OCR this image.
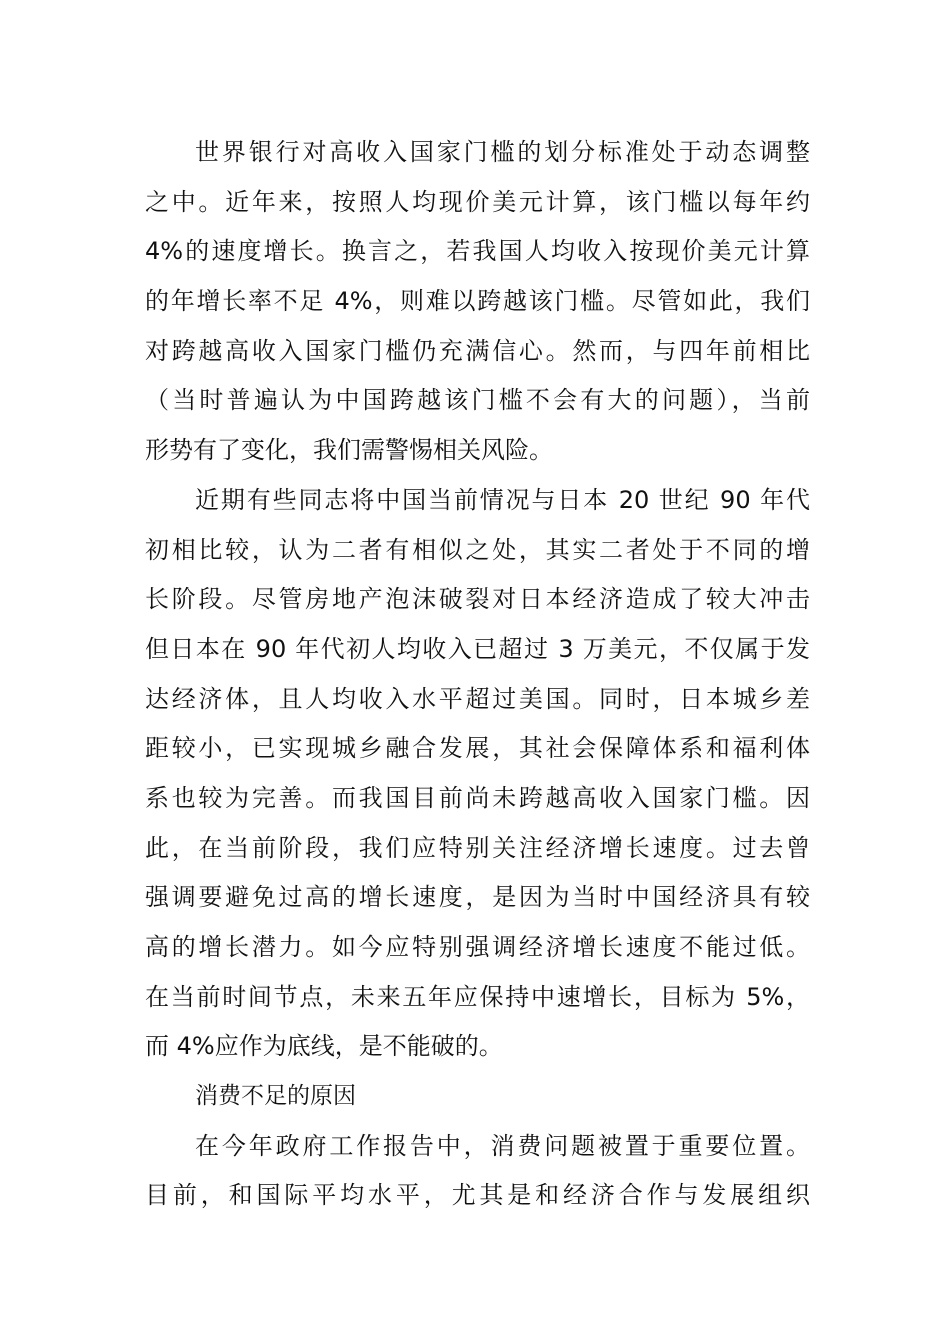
世界银行对高收入国家门槛的划分标准处于动态调整
之中。近年来，按照人均现价美元计算，该门槛以每年约
4%的速度增长。换言之，若我国人均收入按现价美元计算
的年增长率不足 4%，则难以跨越该门槛。尽管如此，我们
对跨越高收入国家门槛仍充满信心。然而，与四年前相比
（当时普遍认为中国跨越该门槛不会有大的问题），当前
形势有了变化，我们需警惕相关风险。
近期有些同志将中国当前情况与日本 20 世纪 90 年代
初相比较，认为二者有相似之处，其实二者处于不同的增
长阶段。尽管房地产泡沫破裂对日本经济造成了较大冲击
但日本在 90 年代初人均收入已超过 3 万美元，不仅属于发
达经济体，且人均收入水平超过美国。同时，日本城乡差
距较小，已实现城乡融合发展，其社会保障体系和福利体
系也较为完善。而我国目前尚未跨越高收入国家门槛。因
此，在当前阶段，我们应特别关注经济增长速度。过去曾
强调要避免过高的增长速度，是因为当时中国经济具有较
高的增长潜力。如今应特别强调经济增长速度不能过低。
在当前时间节点，未来五年应保持中速增长，目标为 5%，
而 4%应作为底线，是不能破的。
消费不足的原因
在今年政府工作报告中，消费问题被置于重要位置。
目前，和国际平均水平，尤其是和经济合作与发展组织
